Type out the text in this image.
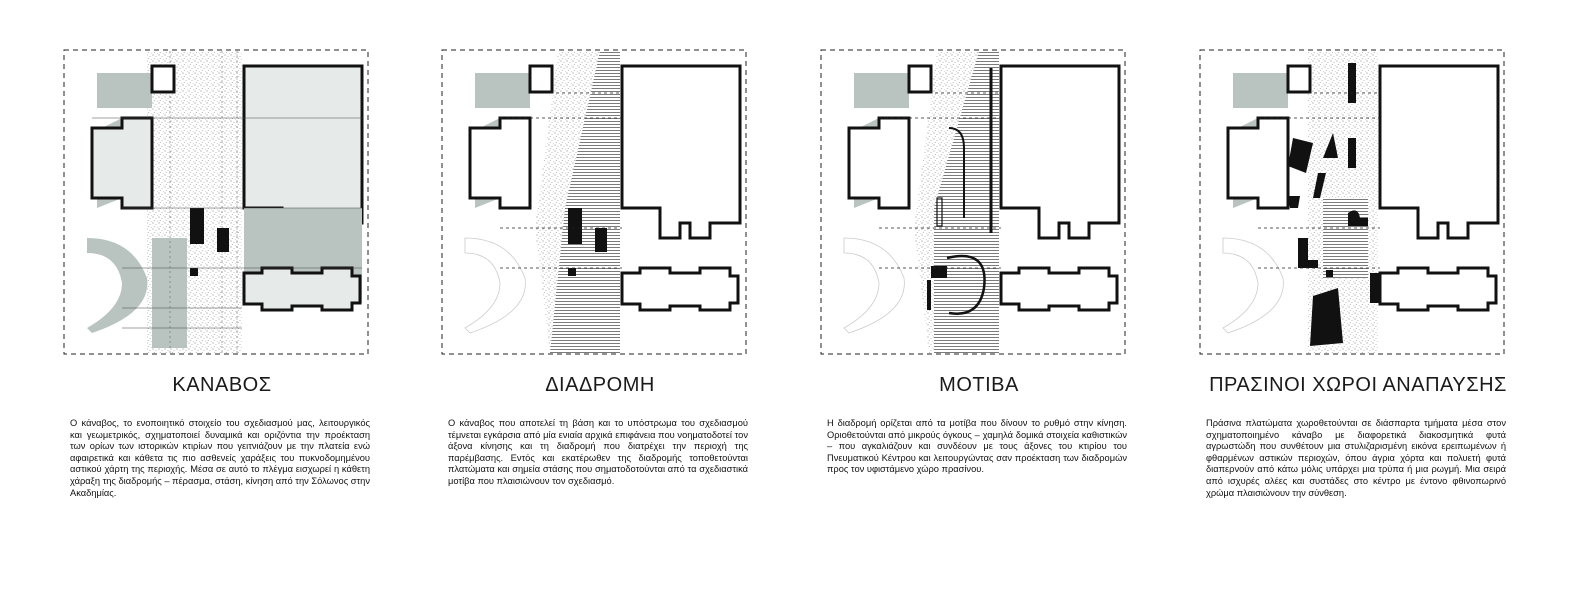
ΚΑΝΑΒΟΣ
Ο κάναβος, το ενοποιητικό στοιχείο του σχεδιασμού μας, λειτουργικός και γεωμετρικός, σχηματοποιεί δυναμικά και οριζόντια την προέκταση των ορίων των ιστορικών κτιρίων που γειτνιάζουν με την πλατεία ενώ αφαιρετικά και κάθετα τις πιο ασθενείς χαράξεις του πυκνοδομημένου αστικού χάρτη της περιοχής. Μέσα σε αυτό το πλέγμα εισχωρεί η κάθετη χάραξη της διαδρομής – πέρασμα, στάση, κίνηση από την Σόλωνος στην Ακαδημίας.
ΔΙΑΔΡΟΜΗ
Ο κάναβος που αποτελεί τη βάση και το υπόστρωμα του σχεδιασμού τέμνεται εγκάρσια από μία ενιαία αρχικά επιφάνεια που νοηματοδοτεί τον άξονα κίνησης και τη διαδρομή που διατρέχει την περιοχή της παρέμβασης. Εντός και εκατέρωθεν της διαδρομής τοποθετούνται πλατώματα και σημεία στάσης που σηματοδοτούνται από τα σχεδιαστικά μοτίβα που πλαισιώνουν τον σχεδιασμό.
ΜΟΤΙΒΑ
Η διαδρομή ορίζεται από τα μοτίβα που δίνουν το ρυθμό στην κίνηση. Οριοθετούνται από μικρούς όγκους – χαμηλά δομικά στοιχεία καθιστικών – που αγκαλιάζουν και συνδέουν με τους άξονες του κτιρίου του Πνευματικού Κέντρου και λειτουργώντας σαν προέκταση των διαδρομών προς τον υφιστάμενο χώρο πρασίνου.
ΠΡΑΣΙΝΟΙ ΧΩΡΟΙ ΑΝΑΠΑΥΣΗΣ
Πράσινα πλατώματα χωροθετούνται σε διάσπαρτα τμήματα μέσα στον σχηματοποιημένο κάναβο με διαφορετικά διακοσμητικά φυτά αγρωστώδη που συνθέτουν μια στυλιζαρισμένη εικόνα ερειπωμένων ή φθαρμένων αστικών περιοχών, όπου άγρια χόρτα και πολυετή φυτά διαπερνούν από κάτω μόλις υπάρχει μια τρύπα ή μια ρωγμή. Μια σειρά από ισχυρές αλέες και συστάδες στο κέντρο με έντονο φθινοπωρινό χρώμα πλαισιώνουν την σύνθεση.
